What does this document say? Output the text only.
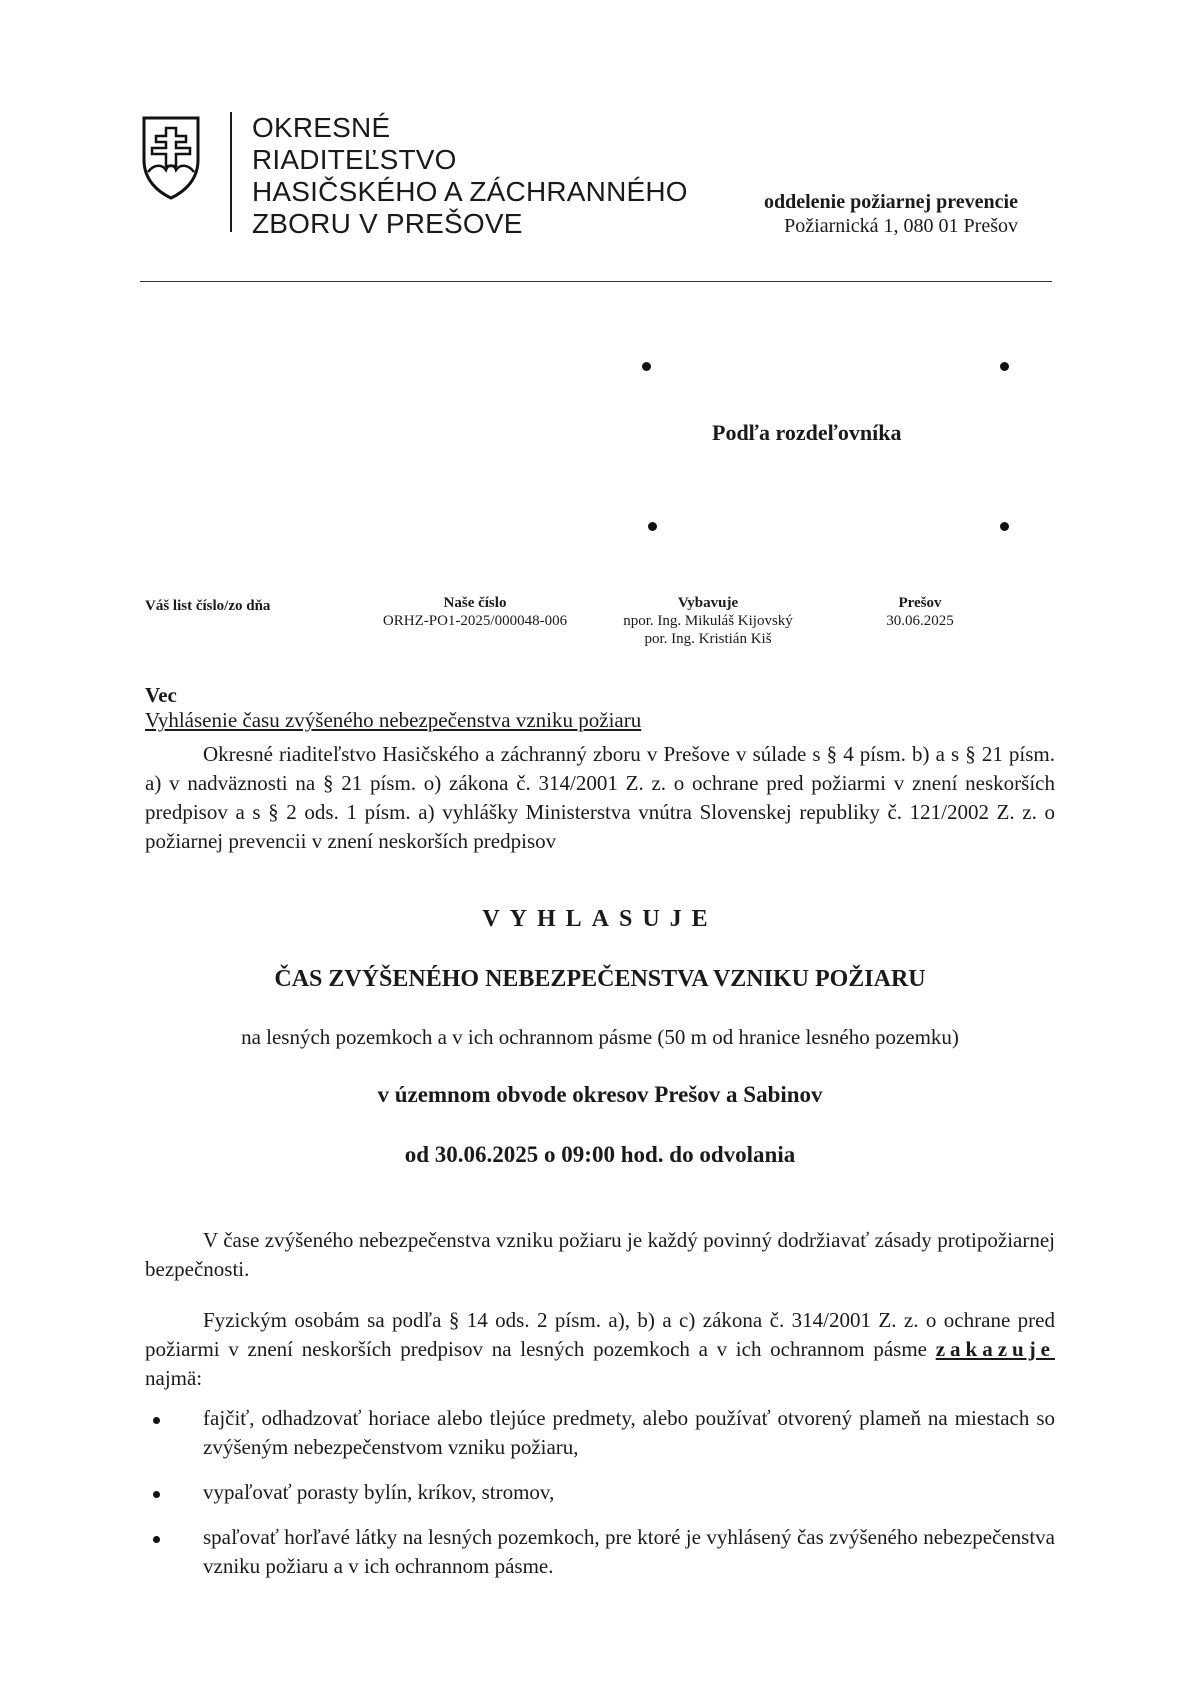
OKRESNÉ
RIADITEĽSTVO
HASIČSKÉHO A ZÁCHRANNÉHO
ZBORU V PREŠOVE
oddelenie požiarnej prevencie
Požiarnická 1, 080 01 Prešov
Podľa rozdeľovníka
Váš list číslo/zo dňa	Naše číslo
ORHZ-PO1-2025/000048-006
Vybavuje
npor. Ing. Mikuláš Kijovský
por. Ing. Kristián Kiš
Prešov
30.06.2025
Vec
Vyhlásenie času zvýšeného nebezpečenstva vzniku požiaru
Okresné riaditeľstvo Hasičského a záchranný zboru v Prešove v súlade s § 4 písm. b) a s § 21 písm. a) v nadväznosti na § 21 písm. o) zákona č. 314/2001 Z. z. o ochrane pred požiarmi v znení neskorších predpisov a s § 2 ods. 1 písm. a) vyhlášky Ministerstva vnútra Slovenskej republiky č. 121/2002 Z. z. o požiarnej prevencii v znení neskorších predpisov
VYHLASUJE
ČAS ZVÝŠENÉHO NEBEZPEČENSTVA VZNIKU POŽIARU
na lesných pozemkoch a v ich ochrannom pásme (50 m od hranice lesného pozemku)
v územnom obvode okresov Prešov a Sabinov
od 30.06.2025 o 09:00 hod. do odvolania
V čase zvýšeného nebezpečenstva vzniku požiaru je každý povinný dodržiavať zásady protipožiarnej bezpečnosti.
Fyzickým osobám sa podľa § 14 ods. 2 písm. a), b) a c) zákona č. 314/2001 Z. z. o ochrane pred požiarmi v znení neskorších predpisov na lesných pozemkoch a v ich ochrannom pásme zakazuje najmä:
fajčiť, odhadzovať horiace alebo tlejúce predmety, alebo používať otvorený plameň na miestach so zvýšeným nebezpečenstvom vzniku požiaru,
vypaľovať porasty bylín, kríkov, stromov,
spaľovať horľavé látky na lesných pozemkoch, pre ktoré je vyhlásený čas zvýšeného nebezpečenstva vzniku požiaru a v ich ochrannom pásme.
